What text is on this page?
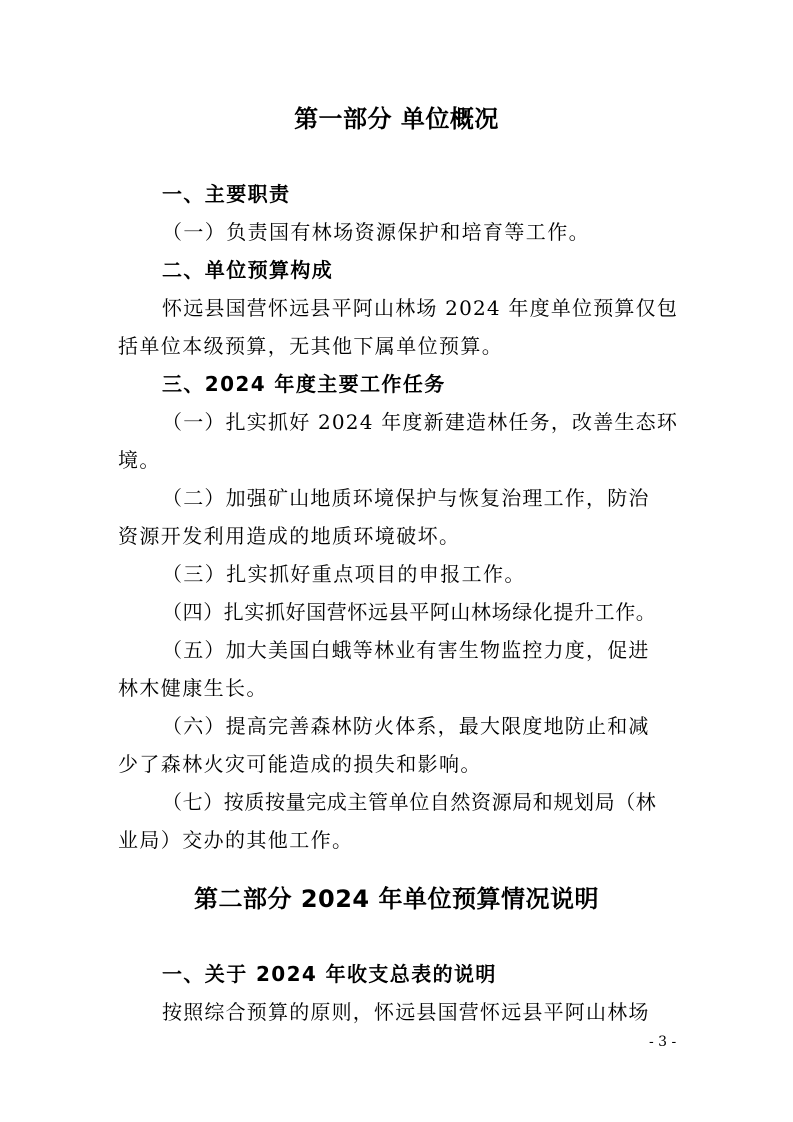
第一部分 单位概况

一、主要职责

（一）负责国有林场资源保护和培育等工作。

二、单位预算构成

怀远县国营怀远县平阿山林场 2024 年度单位预算仅包

括单位本级预算，无其他下属单位预算。

三、2024 年度主要工作任务

（一）扎实抓好 2024 年度新建造林任务，改善生态环

境。

（二）加强矿山地质环境保护与恢复治理工作，防治

资源开发利用造成的地质环境破坏。

（三）扎实抓好重点项目的申报工作。

（四）扎实抓好国营怀远县平阿山林场绿化提升工作。

（五）加大美国白蛾等林业有害生物监控力度，促进

林木健康生长。

（六）提高完善森林防火体系，最大限度地防止和减

少了森林火灾可能造成的损失和影响。

（七）按质按量完成主管单位自然资源局和规划局（林

业局）交办的其他工作。

第二部分 2024 年单位预算情况说明

一、关于 2024 年收支总表的说明

按照综合预算的原则，怀远县国营怀远县平阿山林场

- 3 -
